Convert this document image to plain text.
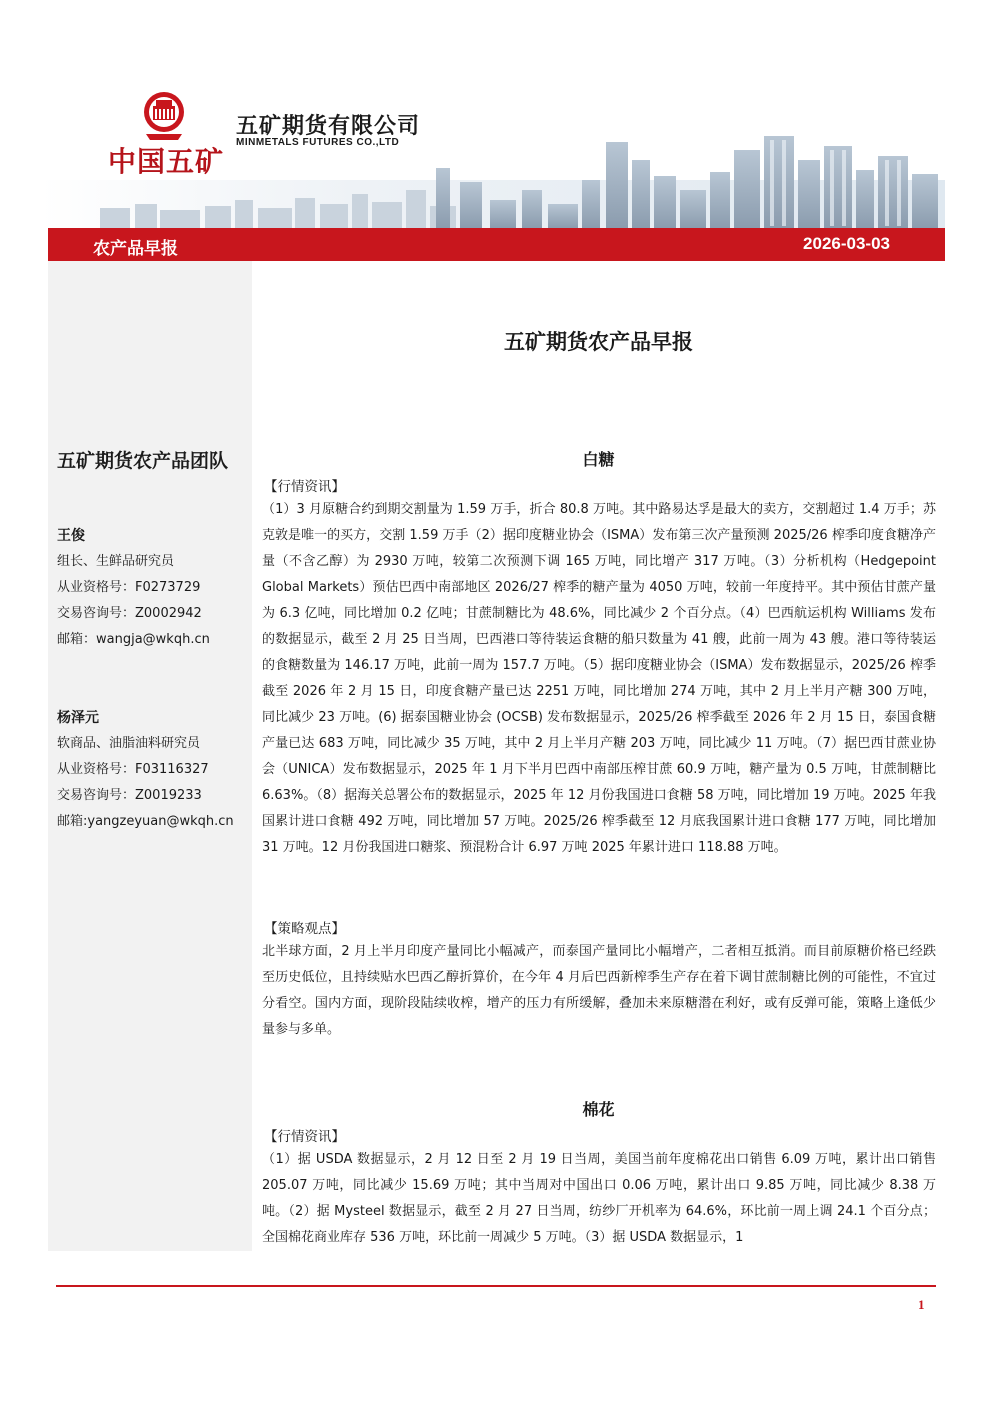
中国五矿
五矿期货有限公司
MINMETALS FUTURES CO.,LTD
农产品早报	2026-03-03
五矿期货农产品团队
王俊
组长、生鲜品研究员
从业资格号：F0273729
交易咨询号：Z0002942
邮箱：wangja@wkqh.cn
杨泽元
软商品、油脂油料研究员
从业资格号：F03116327
交易咨询号：Z0019233
邮箱:yangzeyuan@wkqh.cn
五矿期货农产品早报
白糖
【行情资讯】

（1）3 月原糖合约到期交割量为 1.59 万手，折合 80.8 万吨。其中路易达孚是最大的卖方，交割超过 1.4 万手；苏克敦是唯一的买方，交割 1.59 万手（2）据印度糖业协会（ISMA）发布第三次产量预测 2025/26 榨季印度食糖净产量（不含乙醇）为 2930 万吨，较第二次预测下调 165 万吨，同比增产 317 万吨。（3）分析机构（Hedgepoint Global Markets）预估巴西中南部地区 2026/27 榨季的糖产量为 4050 万吨，较前一年度持平。其中预估甘蔗产量为 6.3 亿吨，同比增加 0.2 亿吨；甘蔗制糖比为 48.6%，同比减少 2 个百分点。（4）巴西航运机构 Williams 发布的数据显示，截至 2 月 25 日当周，巴西港口等待装运食糖的船只数量为 41 艘，此前一周为 43 艘。港口等待装运的食糖数量为 146.17 万吨，此前一周为 157.7 万吨。（5）据印度糖业协会（ISMA）发布数据显示，2025/26 榨季截至 2026 年 2 月 15 日，印度食糖产量已达 2251 万吨，同比增加 274 万吨，其中 2 月上半月产糖 300 万吨，同比减少 23 万吨。(6) 据泰国糖业协会 (OCSB) 发布数据显示，2025/26 榨季截至 2026 年 2 月 15 日，泰国食糖产量已达 683 万吨，同比减少 35 万吨，其中 2 月上半月产糖 203 万吨，同比减少 11 万吨。（7）据巴西甘蔗业协会（UNICA）发布数据显示，2025 年 1 月下半月巴西中南部压榨甘蔗 60.9 万吨，糖产量为 0.5 万吨，甘蔗制糖比 6.63%。（8）据海关总署公布的数据显示，2025 年 12 月份我国进口食糖 58 万吨，同比增加 19 万吨。2025 年我国累计进口食糖 492 万吨，同比增加 57 万吨。2025/26 榨季截至 12 月底我国累计进口食糖 177 万吨，同比增加 31 万吨。12 月份我国进口糖浆、预混粉合计 6.97 万吨 2025 年累计进口 118.88 万吨。

【策略观点】

北半球方面，2 月上半月印度产量同比小幅减产，而泰国产量同比小幅增产，二者相互抵消。而目前原糖价格已经跌至历史低位，且持续贴水巴西乙醇折算价，在今年 4 月后巴西新榨季生产存在着下调甘蔗制糖比例的可能性，不宜过分看空。国内方面，现阶段陆续收榨，增产的压力有所缓解，叠加未来原糖潜在利好，或有反弹可能，策略上逢低少量参与多单。

棉花
【行情资讯】

（1）据 USDA 数据显示，2 月 12 日至 2 月 19 日当周，美国当前年度棉花出口销售 6.09 万吨，累计出口销售 205.07 万吨，同比减少 15.69 万吨；其中当周对中国出口 0.06 万吨，累计出口 9.85 万吨，同比减少 8.38 万吨。（2）据 Mysteel 数据显示，截至 2 月 27 日当周，纺纱厂开机率为 64.6%，环比前一周上调 24.1 个百分点；全国棉花商业库存 536 万吨，环比前一周减少 5 万吨。（3）据 USDA 数据显示，1

1
